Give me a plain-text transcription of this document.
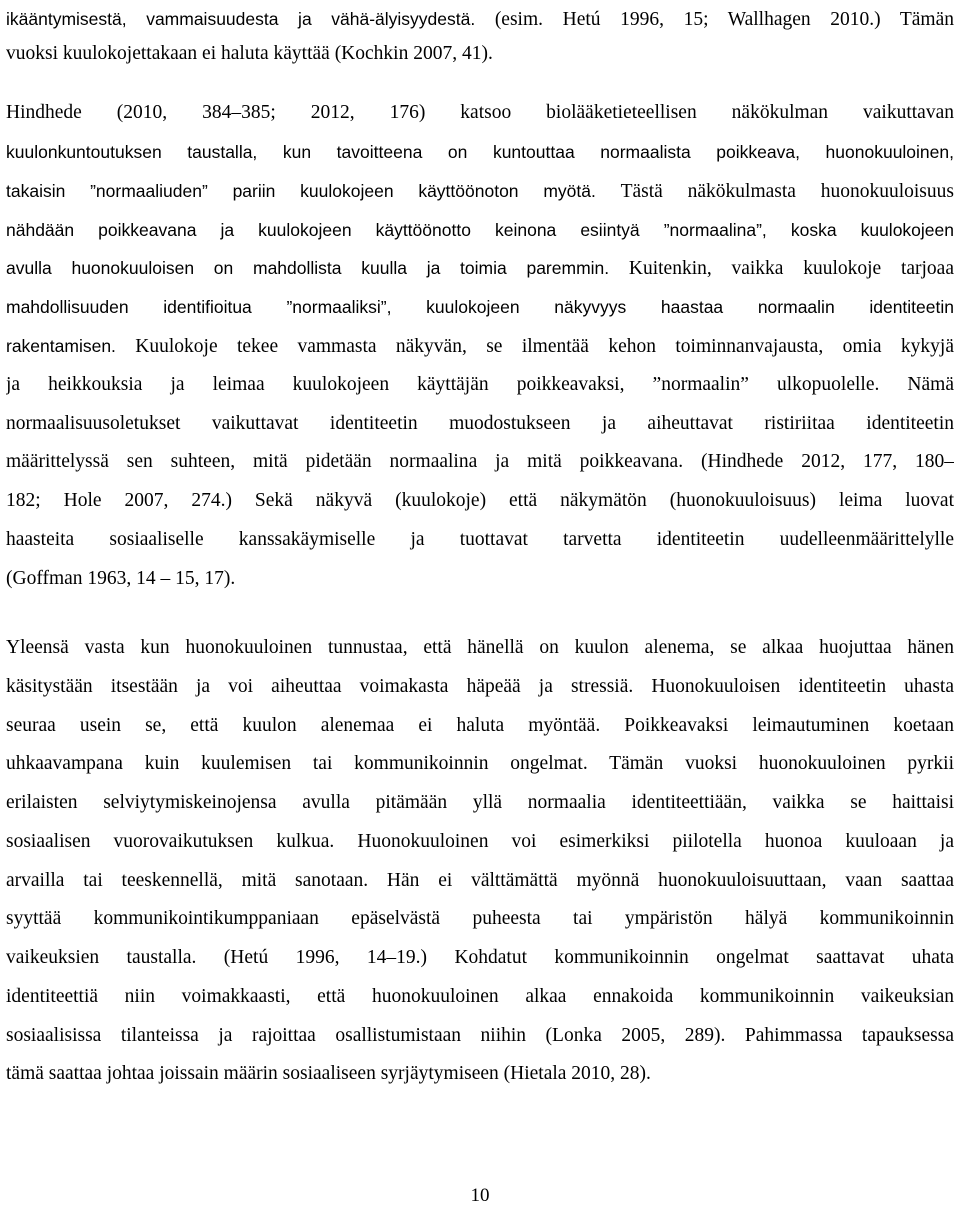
ikääntymisestä, vammaisuudesta ja vähä-älyisyydestä. (esim. Hetú 1996, 15; Wallhagen 2010.) Tämän
vuoksi kuulokojettakaan ei haluta käyttää (Kochkin 2007, 41).
Hindhede (2010, 384–385; 2012, 176) katsoo biolääketieteellisen näkökulman vaikuttavan
kuulonkuntoutuksen taustalla, kun tavoitteena on kuntouttaa normaalista poikkeava, huonokuuloinen,
takaisin ”normaaliuden” pariin kuulokojeen käyttöönoton myötä. Tästä näkökulmasta huonokuuloisuus
nähdään poikkeavana ja kuulokojeen käyttöönotto keinona esiintyä ”normaalina”, koska kuulokojeen
avulla huonokuuloisen on mahdollista kuulla ja toimia paremmin. Kuitenkin, vaikka kuulokoje tarjoaa
mahdollisuuden identifioitua ”normaaliksi”, kuulokojeen näkyvyys haastaa normaalin identiteetin
rakentamisen. Kuulokoje tekee vammasta näkyvän, se ilmentää kehon toiminnanvajausta, omia kykyjä
ja heikkouksia ja leimaa kuulokojeen käyttäjän poikkeavaksi, ”normaalin” ulkopuolelle. Nämä
normaalisuusoletukset vaikuttavat identiteetin muodostukseen ja aiheuttavat ristiriitaa identiteetin
määrittelyssä sen suhteen, mitä pidetään normaalina ja mitä poikkeavana. (Hindhede 2012, 177, 180–
182; Hole 2007, 274.) Sekä näkyvä (kuulokoje) että näkymätön (huonokuuloisuus) leima luovat
haasteita sosiaaliselle kanssakäymiselle ja tuottavat tarvetta identiteetin uudelleenmäärittelylle
(Goffman 1963, 14 – 15, 17).
Yleensä vasta kun huonokuuloinen tunnustaa, että hänellä on kuulon alenema, se alkaa huojuttaa hänen
käsitystään itsestään ja voi aiheuttaa voimakasta häpeää ja stressiä. Huonokuuloisen identiteetin uhasta
seuraa usein se, että kuulon alenemaa ei haluta myöntää. Poikkeavaksi leimautuminen koetaan
uhkaavampana kuin kuulemisen tai kommunikoinnin ongelmat. Tämän vuoksi huonokuuloinen pyrkii
erilaisten selviytymiskeinojensa avulla pitämään yllä normaalia identiteettiään, vaikka se haittaisi
sosiaalisen vuorovaikutuksen kulkua. Huonokuuloinen voi esimerkiksi piilotella huonoa kuuloaan ja
arvailla tai teeskennellä, mitä sanotaan. Hän ei välttämättä myönnä huonokuuloisuuttaan, vaan saattaa
syyttää kommunikointikumppaniaan epäselvästä puheesta tai ympäristön hälyä kommunikoinnin
vaikeuksien taustalla. (Hetú 1996, 14–19.) Kohdatut kommunikoinnin ongelmat saattavat uhata
identiteettiä niin voimakkaasti, että huonokuuloinen alkaa ennakoida kommunikoinnin vaikeuksian
sosiaalisissa tilanteissa ja rajoittaa osallistumistaan niihin (Lonka 2005, 289). Pahimmassa tapauksessa
tämä saattaa johtaa joissain määrin sosiaaliseen syrjäytymiseen (Hietala 2010, 28).
10
